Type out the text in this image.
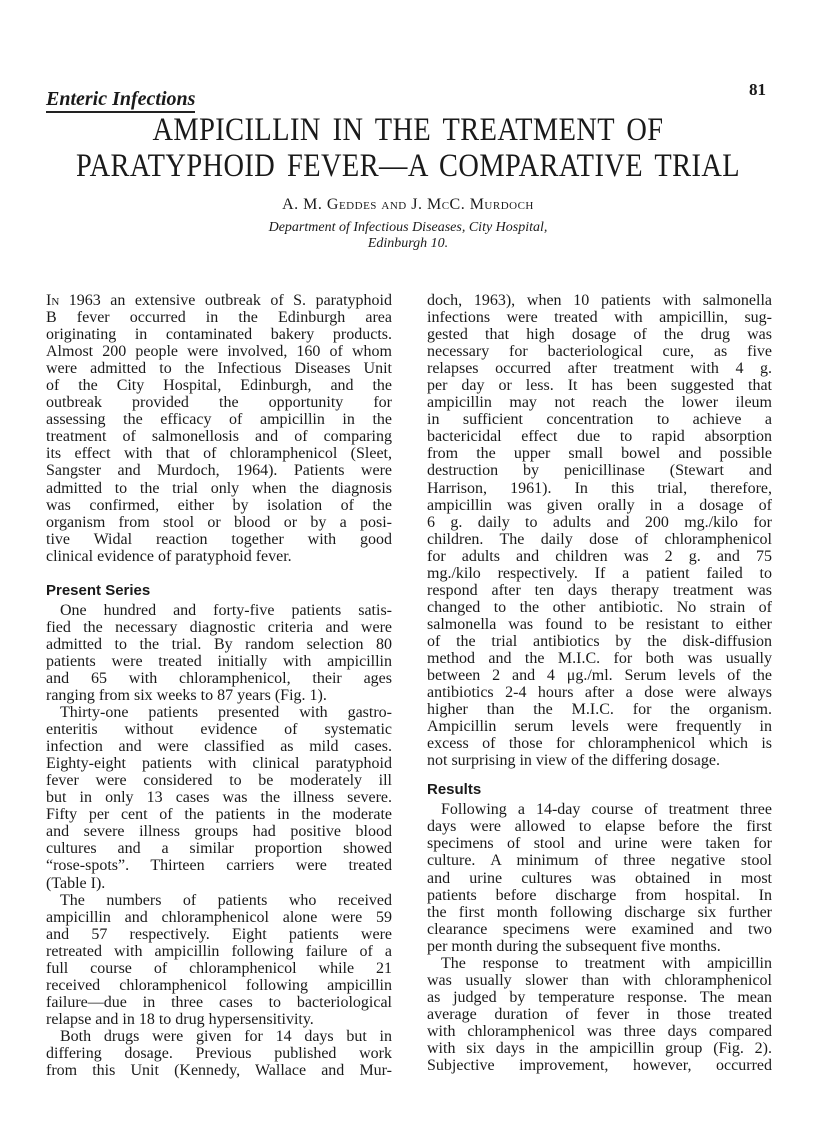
81
Enteric Infections
AMPICILLIN IN THE TREATMENT OF
PARATYPHOID FEVER—A COMPARATIVE TRIAL
A. M. Geddes and J. McC. Murdoch
Department of Infectious Diseases, City Hospital,
Edinburgh 10.
In 1963 an extensive outbreak of S. paratyphoid
B fever occurred in the Edinburgh area
originating in contaminated bakery products.
Almost 200 people were involved, 160 of whom
were admitted to the Infectious Diseases Unit
of the City Hospital, Edinburgh, and the
outbreak provided the opportunity for
assessing the efficacy of ampicillin in the
treatment of salmonellosis and of comparing
its effect with that of chloramphenicol (Sleet,
Sangster and Murdoch, 1964). Patients were
admitted to the trial only when the diagnosis
was confirmed, either by isolation of the
organism from stool or blood or by a posi-
tive Widal reaction together with good
clinical evidence of paratyphoid fever.
Present Series
One hundred and forty-five patients satis-
fied the necessary diagnostic criteria and were
admitted to the trial. By random selection 80
patients were treated initially with ampicillin
and 65 with chloramphenicol, their ages
ranging from six weeks to 87 years (Fig. 1).
Thirty-one patients presented with gastro-
enteritis without evidence of systematic
infection and were classified as mild cases.
Eighty-eight patients with clinical paratyphoid
fever were considered to be moderately ill
but in only 13 cases was the illness severe.
Fifty per cent of the patients in the moderate
and severe illness groups had positive blood
cultures and a similar proportion showed
“rose-spots”. Thirteen carriers were treated
(Table I).
The numbers of patients who received
ampicillin and chloramphenicol alone were 59
and 57 respectively. Eight patients were
retreated with ampicillin following failure of a
full course of chloramphenicol while 21
received chloramphenicol following ampicillin
failure—due in three cases to bacteriological
relapse and in 18 to drug hypersensitivity.
Both drugs were given for 14 days but in
differing dosage. Previous published work
from this Unit (Kennedy, Wallace and Mur-
doch, 1963), when 10 patients with salmonella
infections were treated with ampicillin, sug-
gested that high dosage of the drug was
necessary for bacteriological cure, as five
relapses occurred after treatment with 4 g.
per day or less. It has been suggested that
ampicillin may not reach the lower ileum
in sufficient concentration to achieve a
bactericidal effect due to rapid absorption
from the upper small bowel and possible
destruction by penicillinase (Stewart and
Harrison, 1961). In this trial, therefore,
ampicillin was given orally in a dosage of
6 g. daily to adults and 200 mg./kilo for
children. The daily dose of chloramphenicol
for adults and children was 2 g. and 75
mg./kilo respectively. If a patient failed to
respond after ten days therapy treatment was
changed to the other antibiotic. No strain of
salmonella was found to be resistant to either
of the trial antibiotics by the disk-diffusion
method and the M.I.C. for both was usually
between 2 and 4 μg./ml. Serum levels of the
antibiotics 2-4 hours after a dose were always
higher than the M.I.C. for the organism.
Ampicillin serum levels were frequently in
excess of those for chloramphenicol which is
not surprising in view of the differing dosage.
Results
Following a 14-day course of treatment three
days were allowed to elapse before the first
specimens of stool and urine were taken for
culture. A minimum of three negative stool
and urine cultures was obtained in most
patients before discharge from hospital. In
the first month following discharge six further
clearance specimens were examined and two
per month during the subsequent five months.
The response to treatment with ampicillin
was usually slower than with chloramphenicol
as judged by temperature response. The mean
average duration of fever in those treated
with chloramphenicol was three days compared
with six days in the ampicillin group (Fig. 2).
Subjective improvement, however, occurred
